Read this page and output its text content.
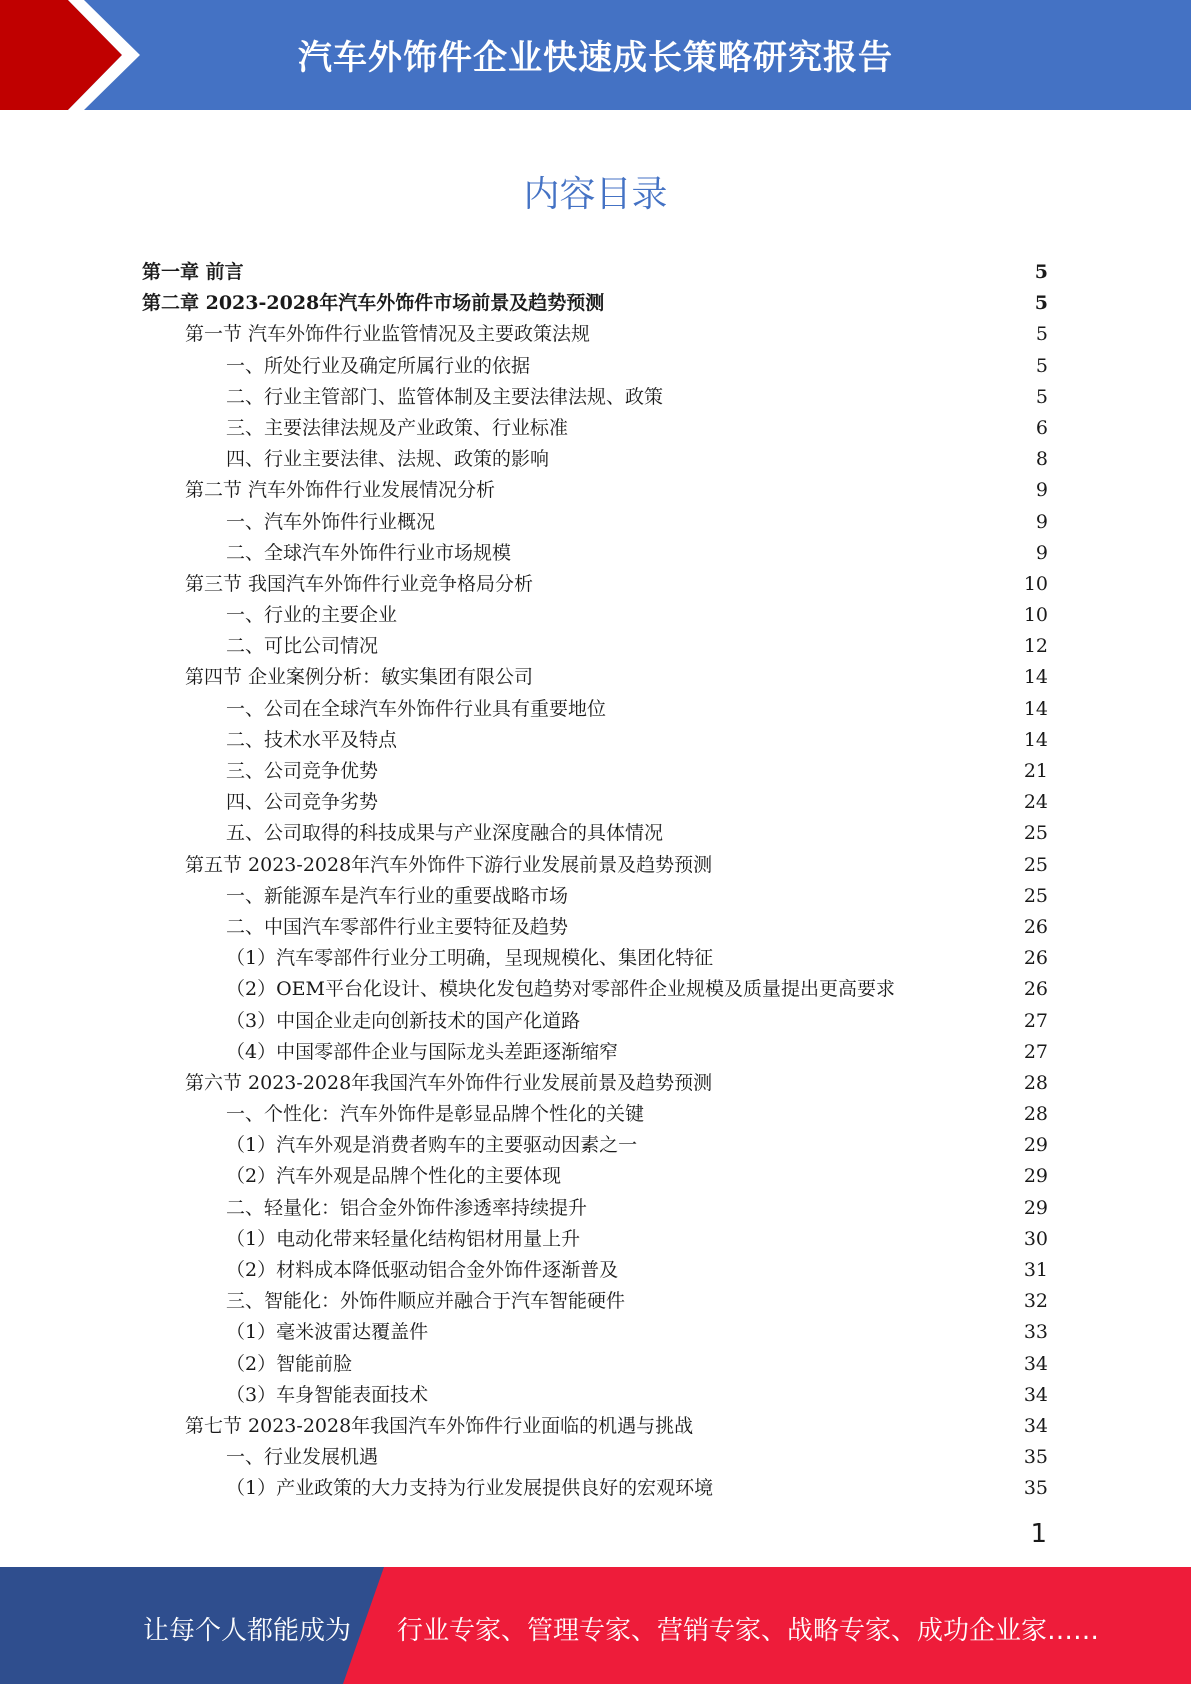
汽车外饰件企业快速成长策略研究报告
内容目录
第一章 前言	5
第二章 2023-2028年汽车外饰件市场前景及趋势预测	5
第一节 汽车外饰件行业监管情况及主要政策法规	5
一、所处行业及确定所属行业的依据	5
二、行业主管部门、监管体制及主要法律法规、政策	5
三、主要法律法规及产业政策、行业标准	6
四、行业主要法律、法规、政策的影响	8
第二节 汽车外饰件行业发展情况分析	9
一、汽车外饰件行业概况	9
二、全球汽车外饰件行业市场规模	9
第三节 我国汽车外饰件行业竞争格局分析	10
一、行业的主要企业	10
二、可比公司情况	12
第四节 企业案例分析：敏实集团有限公司	14
一、公司在全球汽车外饰件行业具有重要地位	14
二、技术水平及特点	14
三、公司竞争优势	21
四、公司竞争劣势	24
五、公司取得的科技成果与产业深度融合的具体情况	25
第五节 2023-2028年汽车外饰件下游行业发展前景及趋势预测	25
一、新能源车是汽车行业的重要战略市场	25
二、中国汽车零部件行业主要特征及趋势	26
（1）汽车零部件行业分工明确，呈现规模化、集团化特征	26
（2）OEM平台化设计、模块化发包趋势对零部件企业规模及质量提出更高要求	26
（3）中国企业走向创新技术的国产化道路	27
（4）中国零部件企业与国际龙头差距逐渐缩窄	27
第六节 2023-2028年我国汽车外饰件行业发展前景及趋势预测	28
一、个性化：汽车外饰件是彰显品牌个性化的关键	28
（1）汽车外观是消费者购车的主要驱动因素之一	29
（2）汽车外观是品牌个性化的主要体现	29
二、轻量化：铝合金外饰件渗透率持续提升	29
（1）电动化带来轻量化结构铝材用量上升	30
（2）材料成本降低驱动铝合金外饰件逐渐普及	31
三、智能化：外饰件顺应并融合于汽车智能硬件	32
（1）毫米波雷达覆盖件	33
（2）智能前脸	34
（3）车身智能表面技术	34
第七节 2023-2028年我国汽车外饰件行业面临的机遇与挑战	34
一、行业发展机遇	35
（1）产业政策的大力支持为行业发展提供良好的宏观环境	35
1
让每个人都能成为 行业专家、管理专家、营销专家、战略专家、成功企业家……
